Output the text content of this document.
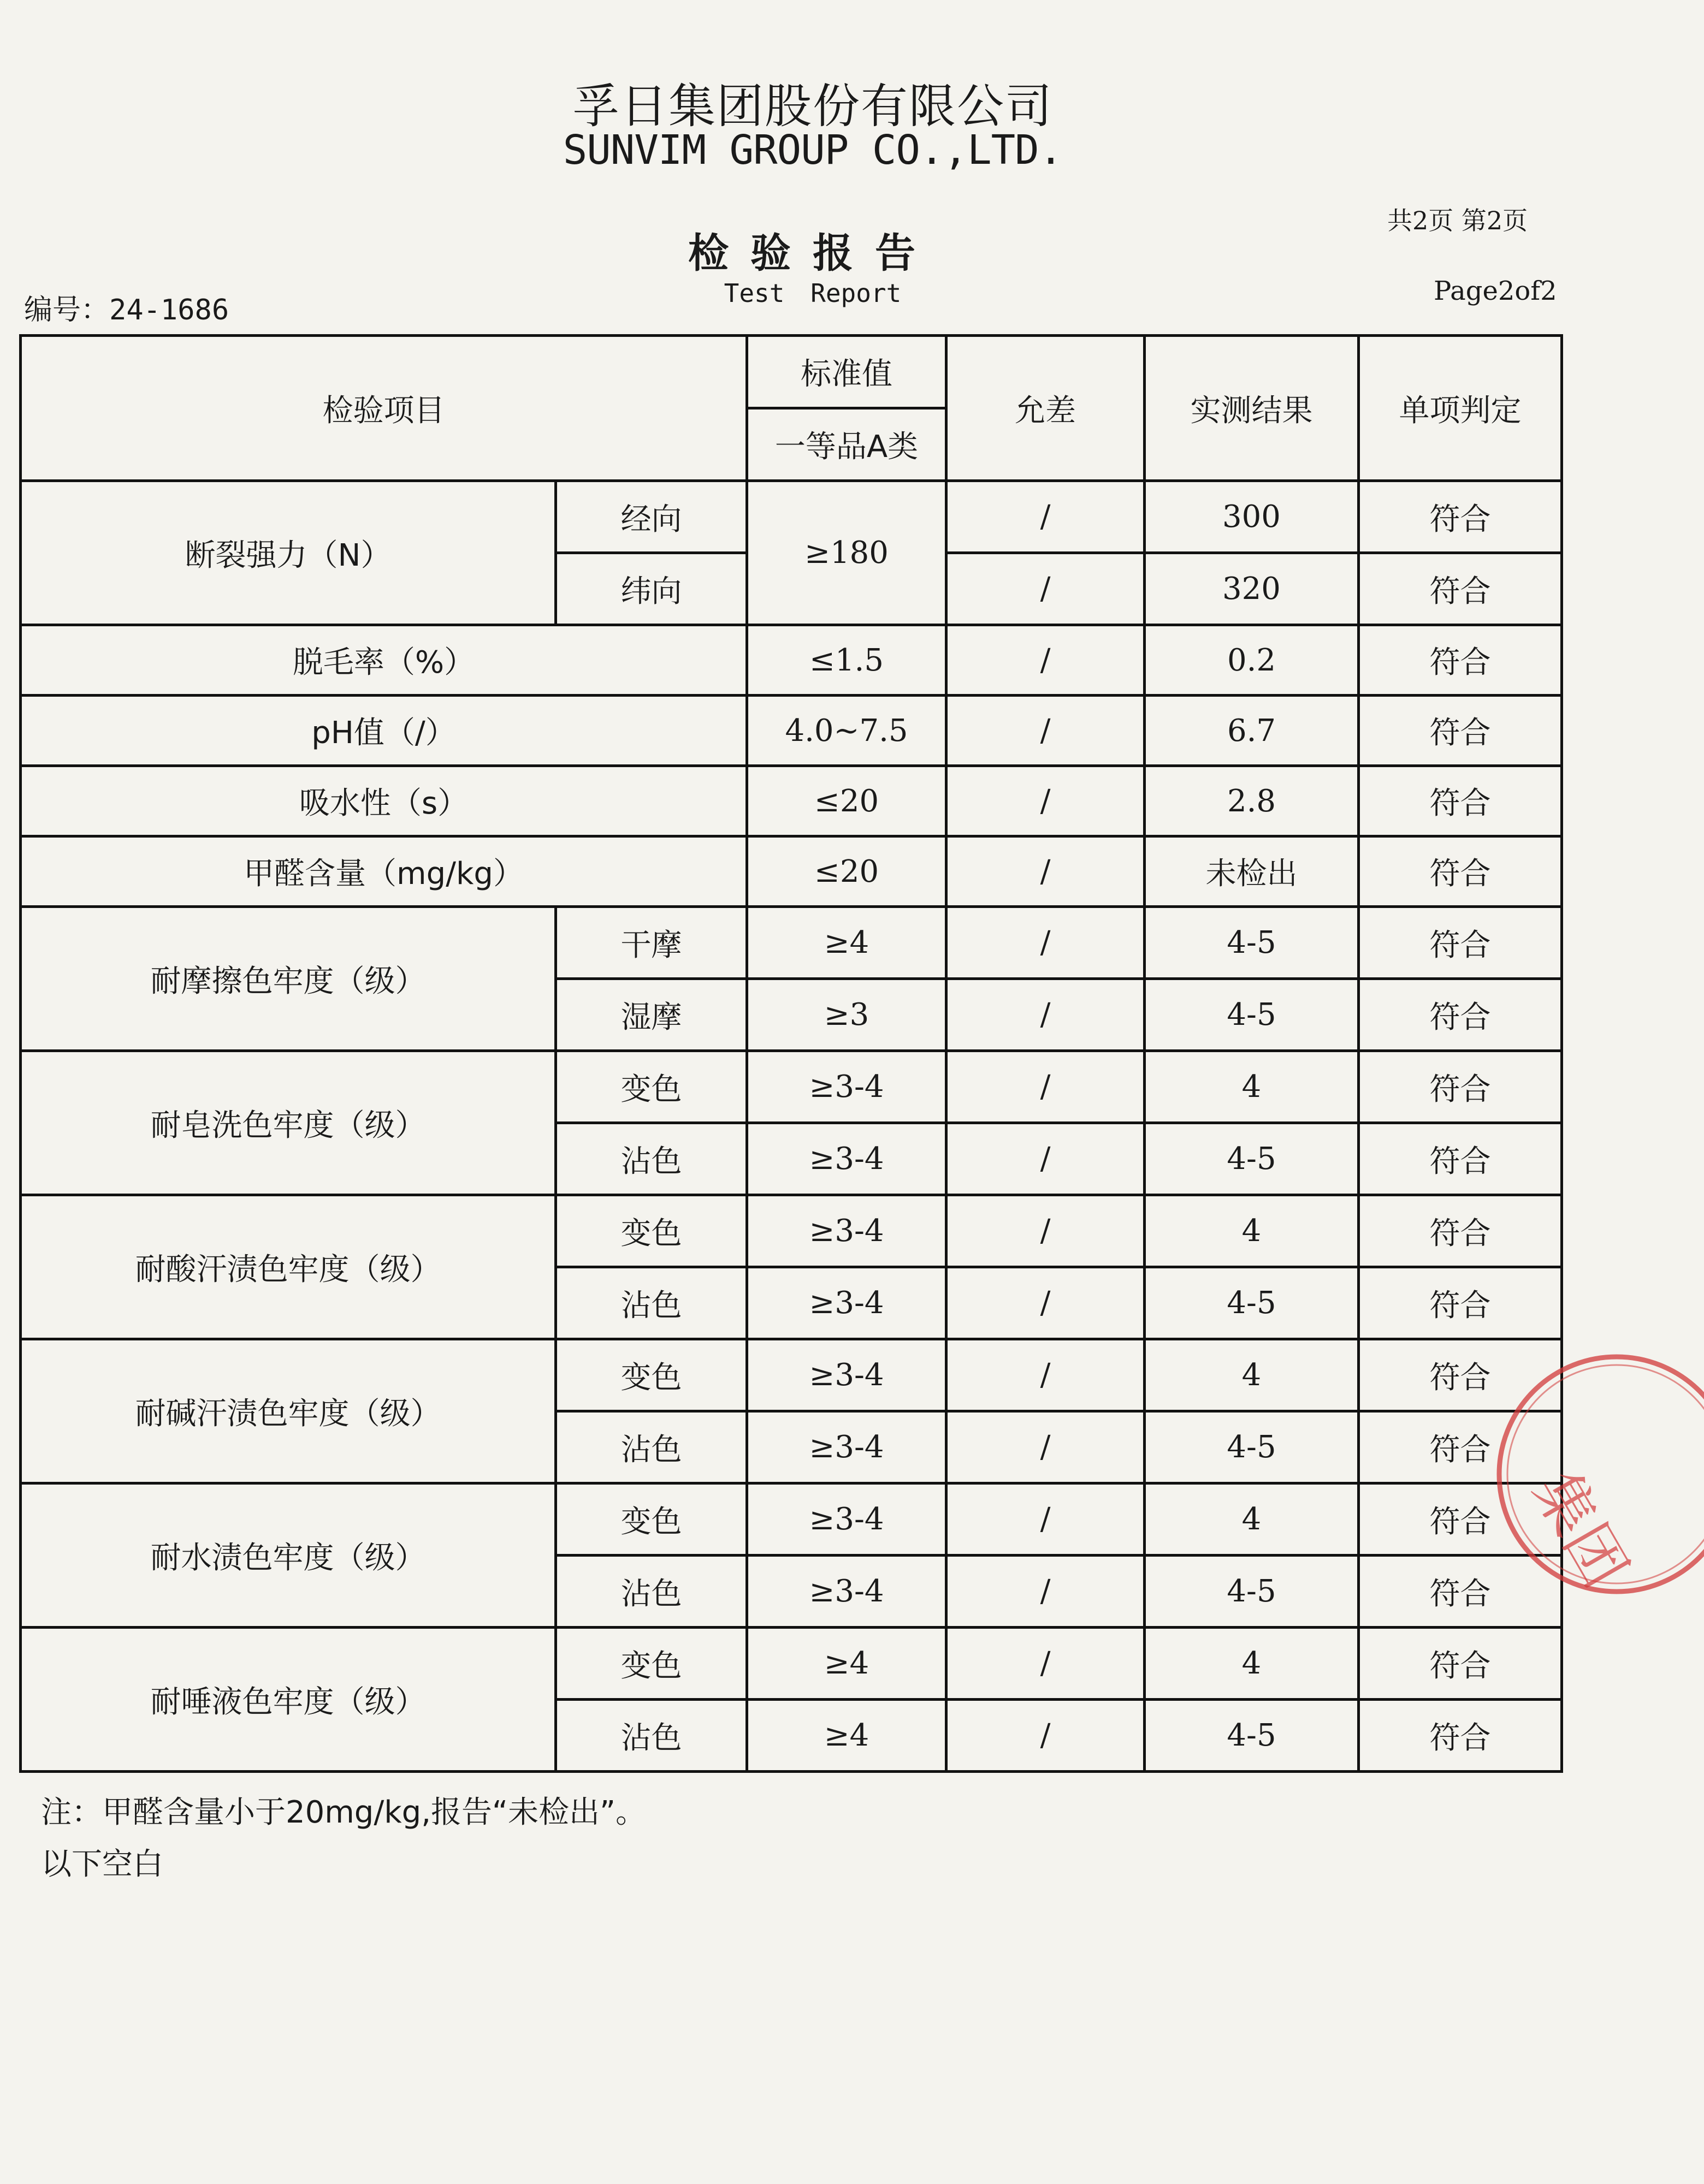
孚日集团股份有限公司
SUNVIM GROUP CO.,LTD.
共2页 第2页
检验报告
Test Report	Page2of2
编号：24-1686
检验项目		标准值	允差	实测结果	单项判定
		一等品A类			
断裂强力（N）	经向	≥180	/	300	符合
	纬向		/	320	符合
脱毛率（%）		≤1.5	/	0.2	符合
pH值（/）		4.0~7.5	/	6.7	符合
吸水性（s）		≤20	/	2.8	符合
甲醛含量（mg/kg）		≤20	/	未检出	符合
耐摩擦色牢度（级）	干摩	≥4	/	4-5	符合
	湿摩	≥3	/	4-5	符合
耐皂洗色牢度（级）	变色	≥3-4	/	4	符合
	沾色	≥3-4	/	4-5	符合
耐酸汗渍色牢度（级）	变色	≥3-4	/	4	符合
	沾色	≥3-4	/	4-5	符合
耐碱汗渍色牢度（级）	变色	≥3-4	/	4	符合
	沾色	≥3-4	/	4-5	符合
耐水渍色牢度（级）	变色	≥3-4	/	4	符合
	沾色	≥3-4	/	4-5	符合
耐唾液色牢度（级）	变色	≥4	/	4	符合
	沾色	≥4	/	4-5	符合
注：甲醛含量小于20mg/kg,报告“未检出”。
以下空白
集团
